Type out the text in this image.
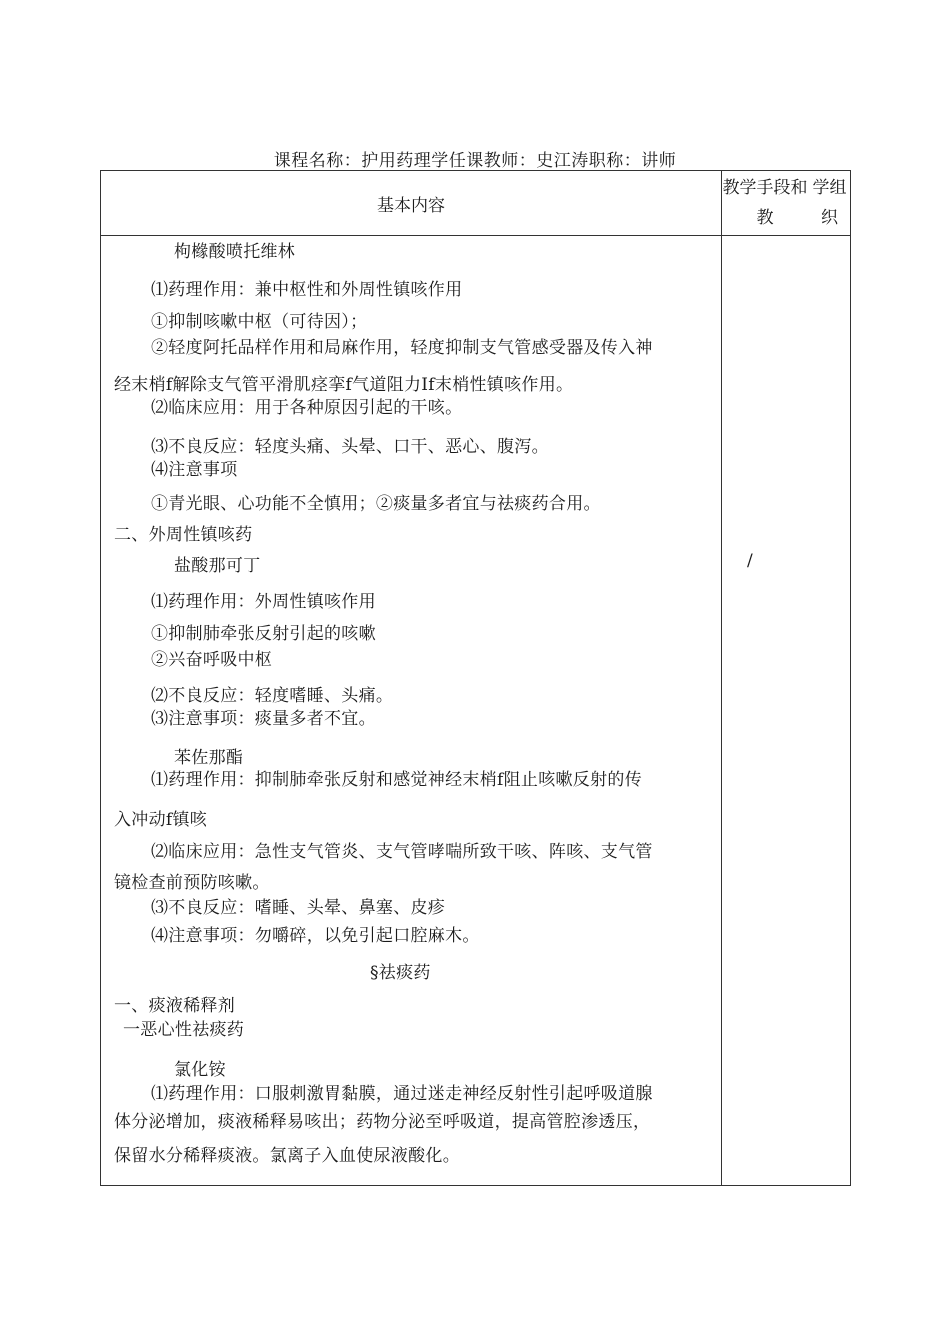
课程名称：护用药理学任课教师：史江涛职称：讲师
基本内容
教学手段和教

学组织
/
枸橼酸喷托维林
⑴药理作用：兼中枢性和外周性镇咳作用
①抑制咳嗽中枢（可待因）；
②轻度阿托品样作用和局麻作用，轻度抑制支气管感受器及传入神
经末梢f解除支气管平滑肌痉挛f气道阻力If末梢性镇咳作用。
⑵临床应用：用于各种原因引起的干咳。
⑶不良反应：轻度头痛、头晕、口干、恶心、腹泻。
⑷注意事项
①青光眼、心功能不全慎用；②痰量多者宜与祛痰药合用。
二、外周性镇咳药
盐酸那可丁
⑴药理作用：外周性镇咳作用
①抑制肺牵张反射引起的咳嗽
②兴奋呼吸中枢
⑵不良反应：轻度嗜睡、头痛。
⑶注意事项：痰量多者不宜。
苯佐那酯
⑴药理作用：抑制肺牵张反射和感觉神经末梢f阻止咳嗽反射的传
入冲动f镇咳
⑵临床应用：急性支气管炎、支气管哮喘所致干咳、阵咳、支气管
镜检查前预防咳嗽。
⑶不良反应：嗜睡、头晕、鼻塞、皮疹
⑷注意事项：勿嚼碎，以免引起口腔麻木。
§祛痰药
一、痰液稀释剂
一恶心性祛痰药
氯化铵
⑴药理作用：口服刺激胃黏膜，通过迷走神经反射性引起呼吸道腺
体分泌增加，痰液稀释易咳出；药物分泌至呼吸道，提高管腔渗透压，
保留水分稀释痰液。氯离子入血使尿液酸化。
